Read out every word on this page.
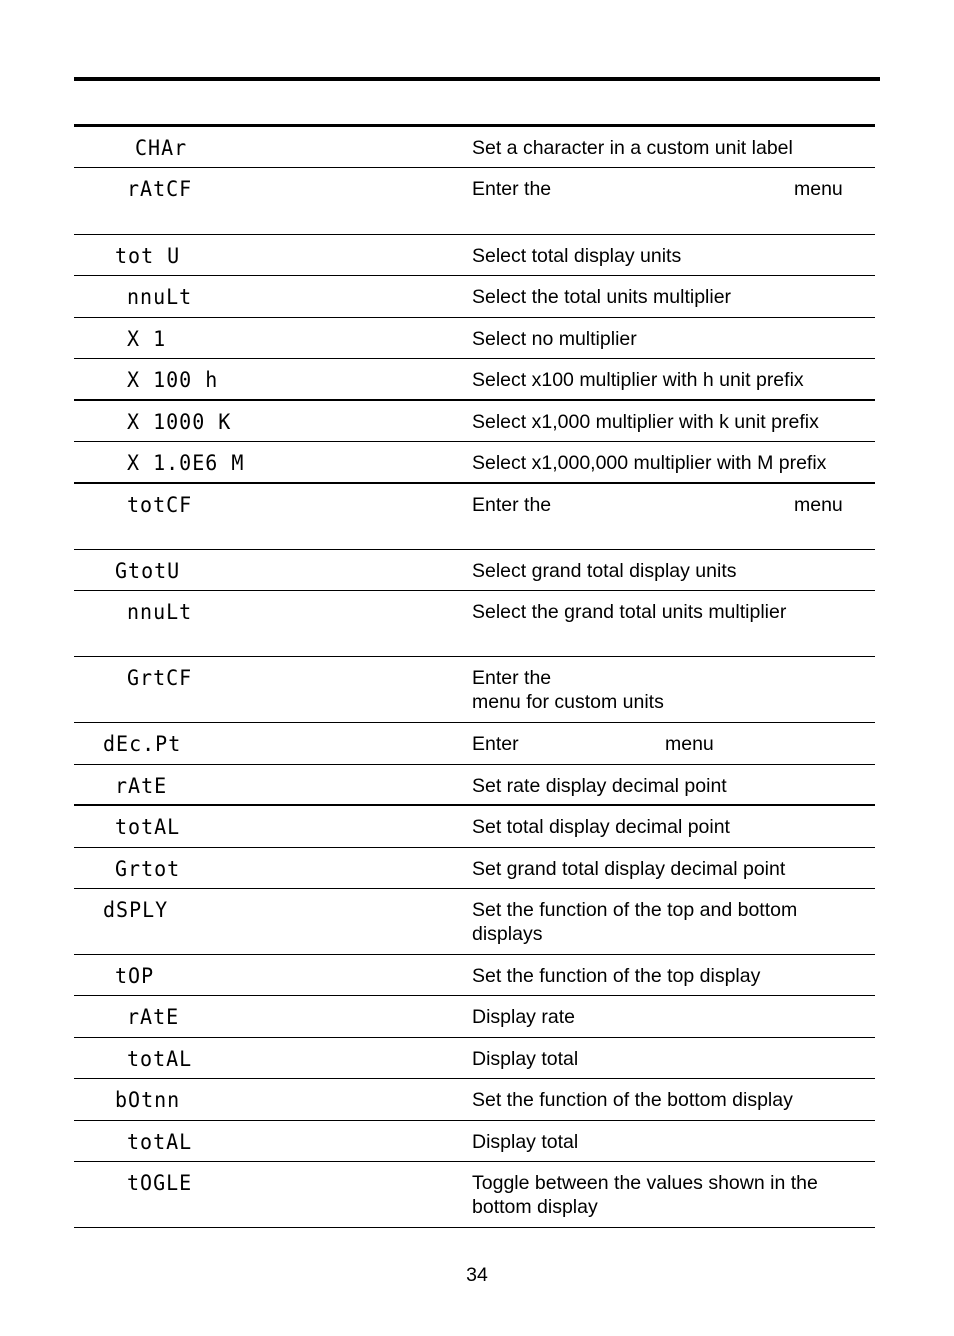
CHAr	Set a character in a custom unit label
rAtCF	Enter the	menu
tot U	Select total display units
nnuLt	Select the total units multiplier
X 1	Select no multiplier
X 100 h	Select x100 multiplier with h unit prefix
X 1000 K	Select x1,000 multiplier with k unit prefix
X 1.0E6 M	Select x1,000,000 multiplier with M prefix
totCF	Enter the	menu
GtotU	Select grand total display units
nnuLt	Select the grand total units multiplier
GrtCF	Enter the
menu for custom units
dEc.Pt	Enter	menu
rAtE	Set rate display decimal point
totAL	Set total display decimal point
Grtot	Set grand total display decimal point
dSPLY	Set the function of the top and bottom
displays
tOP	Set the function of the top display
rAtE	Display rate
totAL	Display total
bOtnn	Set the function of the bottom display
totAL	Display total
tOGLE	Toggle between the values shown in the
bottom display
34
